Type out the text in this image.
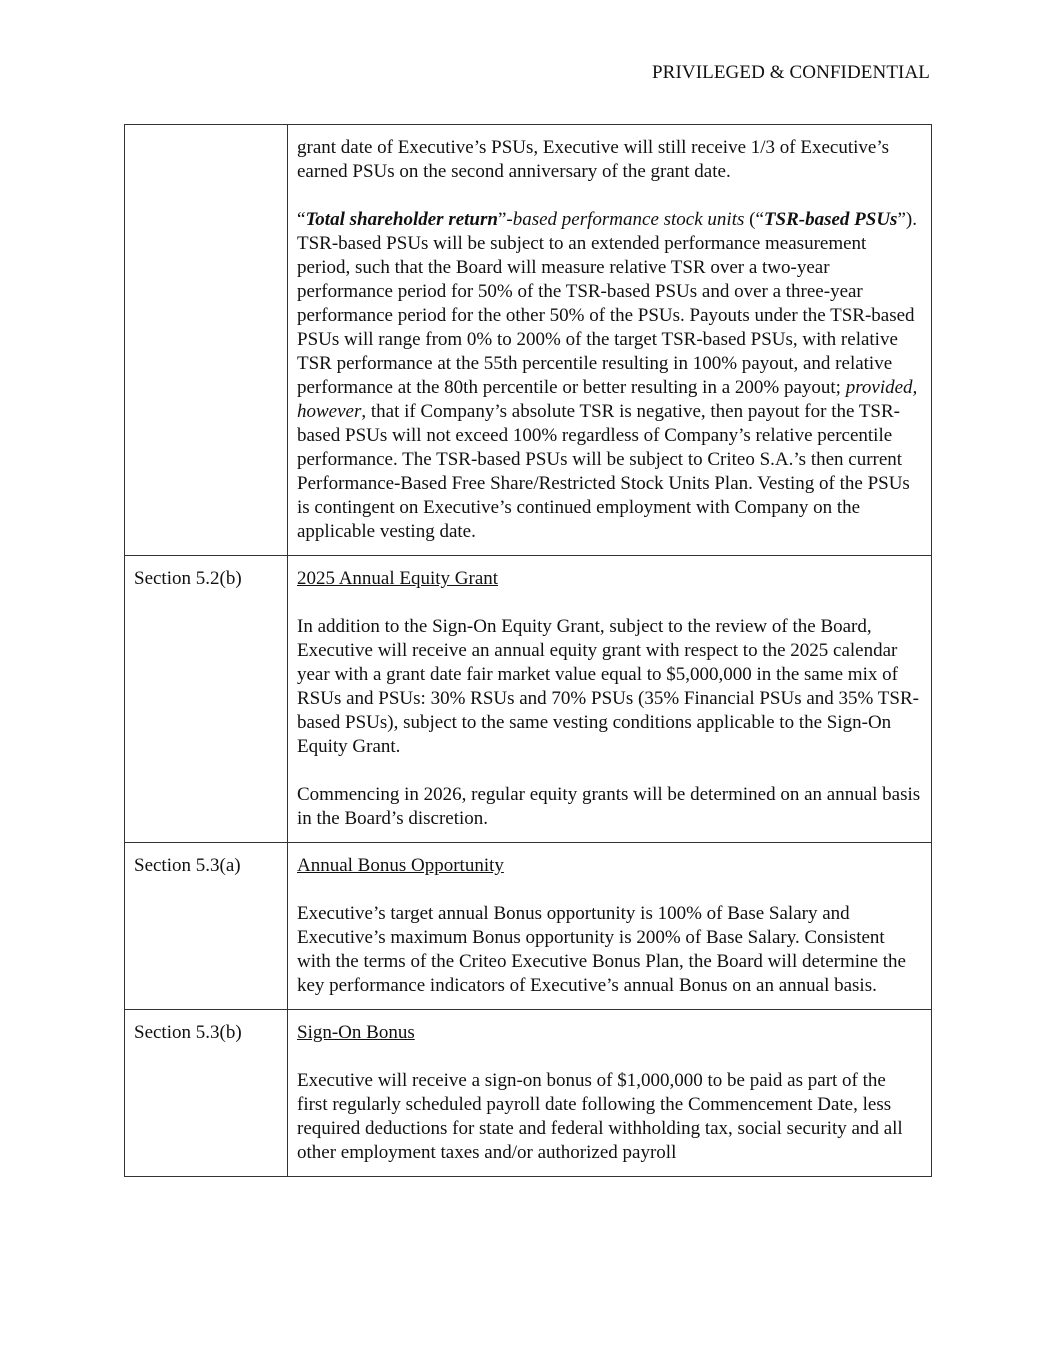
PRIVILEGED & CONFIDENTIAL

	grant date of Executive’s PSUs, Executive will still receive 1/3 of Executive’s earned PSUs on the second anniversary of the grant date.

“Total shareholder return”-based performance stock units (“TSR-based PSUs”). TSR-based PSUs will be subject to an extended performance measurement period, such that the Board will measure relative TSR over a two-year performance period for 50% of the TSR-based PSUs and over a three-year performance period for the other 50% of the PSUs. Payouts under the TSR-based PSUs will range from 0% to 200% of the target TSR-based PSUs, with relative TSR performance at the 55th percentile resulting in 100% payout, and relative performance at the 80th percentile or better resulting in a 200% payout; provided, however, that if Company’s absolute TSR is negative, then payout for the TSR-based PSUs will not exceed 100% regardless of Company’s relative percentile performance. The TSR-based PSUs will be subject to Criteo S.A.’s then current Performance-Based Free Share/Restricted Stock Units Plan. Vesting of the PSUs is contingent on Executive’s continued employment with Company on the applicable vesting date.

Section 5.2(b)	2025 Annual Equity Grant

In addition to the Sign-On Equity Grant, subject to the review of the Board, Executive will receive an annual equity grant with respect to the 2025 calendar year with a grant date fair market value equal to $5,000,000 in the same mix of RSUs and PSUs: 30% RSUs and 70% PSUs (35% Financial PSUs and 35% TSR-based PSUs), subject to the same vesting conditions applicable to the Sign-On Equity Grant.

Commencing in 2026, regular equity grants will be determined on an annual basis in the Board’s discretion.

Section 5.3(a)	Annual Bonus Opportunity

Executive’s target annual Bonus opportunity is 100% of Base Salary and Executive’s maximum Bonus opportunity is 200% of Base Salary. Consistent with the terms of the Criteo Executive Bonus Plan, the Board will determine the key performance indicators of Executive’s annual Bonus on an annual basis.

Section 5.3(b)	Sign-On Bonus

Executive will receive a sign-on bonus of $1,000,000 to be paid as part of the first regularly scheduled payroll date following the Commencement Date, less required deductions for state and federal withholding tax, social security and all other employment taxes and/or authorized payroll
